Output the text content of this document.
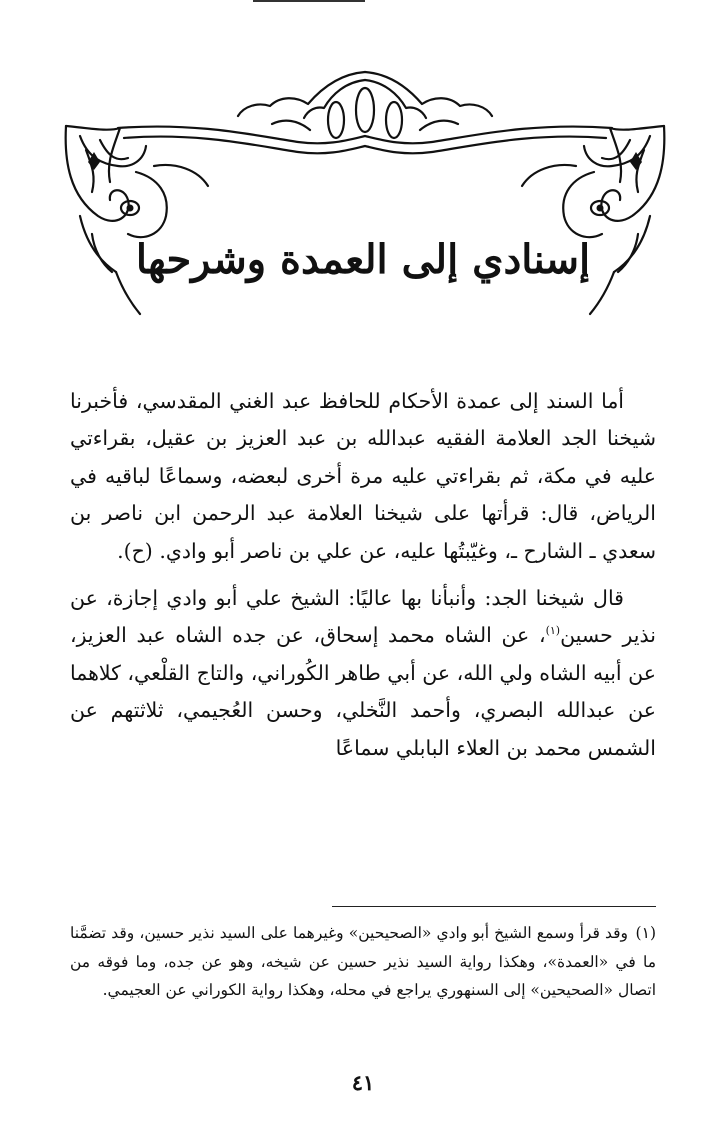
إسنادي إلى العمدة وشرحها

أما السند إلى عمدة الأحكام للحافظ عبد الغني المقدسي، فأخبرنا شيخنا الجد العلامة الفقيه عبدالله بن عبد العزيز بن عقيل، بقراءتي عليه في مكة، ثم بقراءتي عليه مرة أخرى لبعضه، وسماعًا لباقيه في الرياض، قال: قرأتها على شيخنا العلامة عبد الرحمن ابن ناصر بن سعدي ـ الشارح ـ، وغيّبتُها عليه، عن علي بن ناصر أبو وادي. (ح).

قال شيخنا الجد: وأنبأنا بها عاليًا: الشيخ علي أبو وادي إجازة، عن نذير حسين$^{(١)}$، عن الشاه محمد إسحاق، عن جده الشاه عبد العزيز، عن أبيه الشاه ولي الله، عن أبي طاهر الكُوراني، والتاج القلْعي، كلاهما عن عبدالله البصري، وأحمد النَّخلي، وحسن العُجيمي، ثلاثتهم عن الشمس محمد بن العلاء البابلي سماعًا

(١)وقد قرأ وسمع الشيخ أبو وادي «الصحيحين» وغيرهما على السيد نذير حسين، وقد تضمَّنا ما في «العمدة»، وهكذا رواية السيد نذير حسين عن شيخه، وهو عن جده، وما فوقه من اتصال «الصحيحين» إلى السنهوري يراجع في محله، وهكذا رواية الكوراني عن العجيمي.
٤١
